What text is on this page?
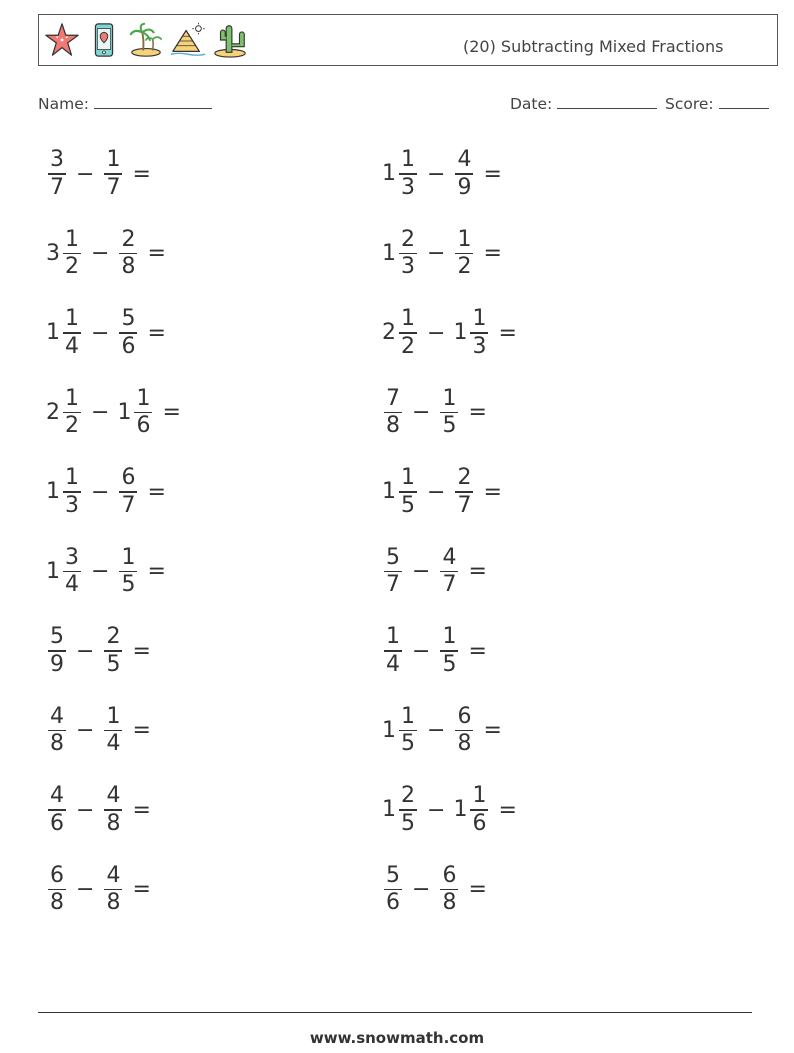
(20) Subtracting Mixed Fractions
Name:	Date:	Score:
$\frac{3}{7} - \frac{1}{7}$ =	$1 \frac{1}{3} - \frac{4}{9}$ =
$3 \frac{1}{2} - \frac{2}{8}$ =	$1 \frac{2}{3} - \frac{1}{2}$ =
$1 \frac{1}{4} - \frac{5}{6}$ =	$2 \frac{1}{2} - 1 \frac{1}{3}$ =
$2 \frac{1}{2} - 1 \frac{1}{6}$ =	$\frac{7}{8} - \frac{1}{5}$ =
$1 \frac{1}{3} - \frac{6}{7}$ =	$1 \frac{1}{5} - \frac{2}{7}$ =
$1 \frac{3}{4} - \frac{1}{5}$ =	$\frac{5}{7} - \frac{4}{7}$ =
$\frac{5}{9} - \frac{2}{5}$ =	$\frac{1}{4} - \frac{1}{5}$ =
$\frac{4}{8} - \frac{1}{4}$ =	$1 \frac{1}{5} - \frac{6}{8}$ =
$\frac{4}{6} - \frac{4}{8}$ =	$1 \frac{2}{5} - 1 \frac{1}{6}$ =
$\frac{6}{8} - \frac{4}{8}$ =	$\frac{5}{6} - \frac{6}{8}$ =
www.snowmath.com
